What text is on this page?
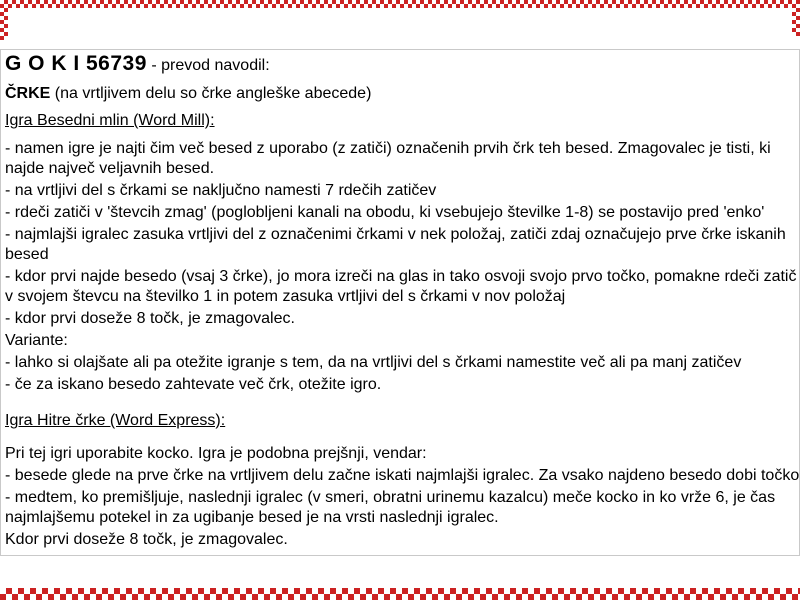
G O K I 56739 - prevod navodil:
ČRKE (na vrtljivem delu so črke angleške abecede)
Igra Besedni mlin (Word Mill):
- namen igre je najti čim več besed z uporabo (z zatiči) označenih prvih črk teh besed. Zmagovalec je tisti, ki
najde največ veljavnih besed.
- na vrtljivi del s črkami se naključno namesti 7 rdečih zatičev
- rdeči zatiči v 'števcih zmag' (poglobljeni kanali na obodu, ki vsebujejo številke 1-8) se postavijo pred 'enko'
- najmlajši igralec zasuka vrtljivi del z označenimi črkami v nek položaj, zatiči zdaj označujejo prve črke iskanih
besed
- kdor prvi najde besedo (vsaj 3 črke), jo mora izreči na glas in tako osvoji svojo prvo točko, pomakne rdeči zatič
v svojem števcu na številko 1 in potem zasuka vrtljivi del s črkami v nov položaj
- kdor prvi doseže 8 točk, je zmagovalec.
Variante:
- lahko si olajšate ali pa otežite igranje s tem, da na vrtljivi del s črkami namestite več ali pa manj zatičev
- če za iskano besedo zahtevate več črk, otežite igro.
Igra Hitre črke (Word Express):
Pri tej igri uporabite kocko. Igra je podobna prejšnji, vendar:
- besede glede na prve črke na vrtljivem delu začne iskati najmlajši igralec. Za vsako najdeno besedo dobi točko
- medtem, ko premišljuje, naslednji igralec (v smeri, obratni urinemu kazalcu) meče kocko in ko vrže 6, je čas
najmlajšemu potekel in za ugibanje besed je na vrsti naslednji igralec.
Kdor prvi doseže 8 točk, je zmagovalec.
